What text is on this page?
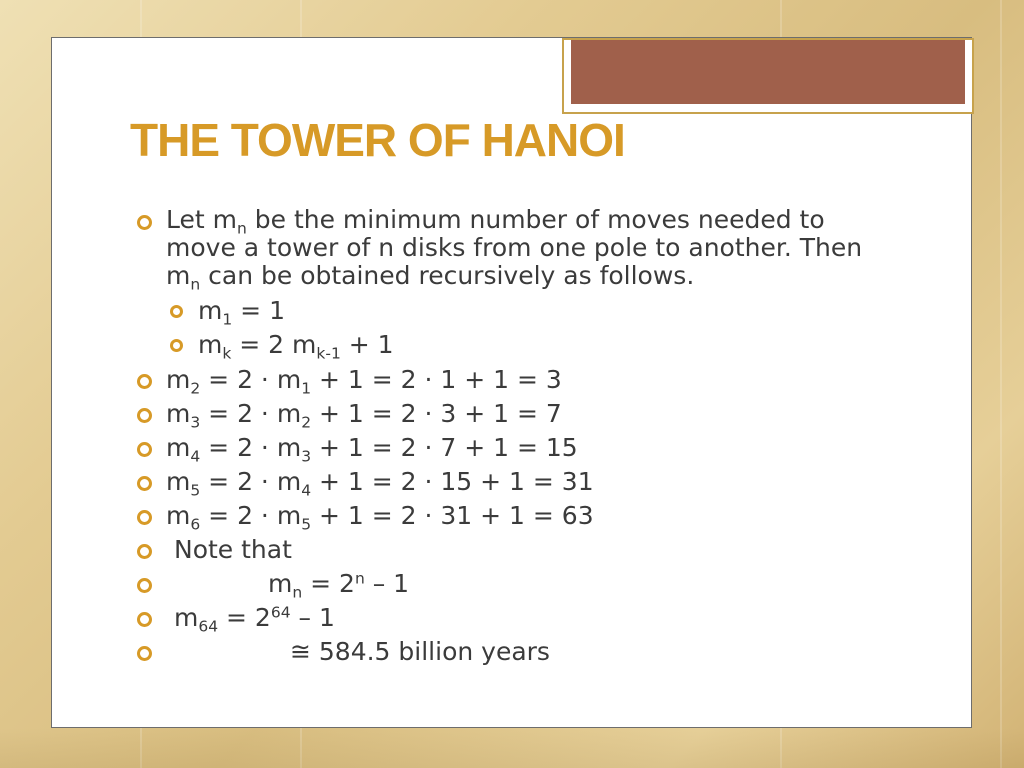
THE TOWER OF HANOI
Let $m_n$ be the minimum number of moves needed to
move a tower of n disks from one pole to another. Then
$m_n$ can be obtained recursively as follows.
$m_1 = 1$
$m_k = 2$ $m_{k-1} + 1$
$m_2 = 2 \cdot m_1 + 1 = 2 \cdot 1 + 1 = 3$
$m_3 = 2 \cdot m_2 + 1 = 2 \cdot 3 + 1 = 7$
$m_4 = 2 \cdot m_3 + 1 = 2 \cdot 7 + 1 = 15$
$m_5 = 2 \cdot m_4 + 1 = 2 \cdot 15 + 1 = 31$
$m_6 = 2 \cdot m_5 + 1 = 2 \cdot 31 + 1 = 63$
Note that
$m_n = 2^n - 1$
$m_{64} = 2^{64} - 1$
≅ 584.5 billion years
